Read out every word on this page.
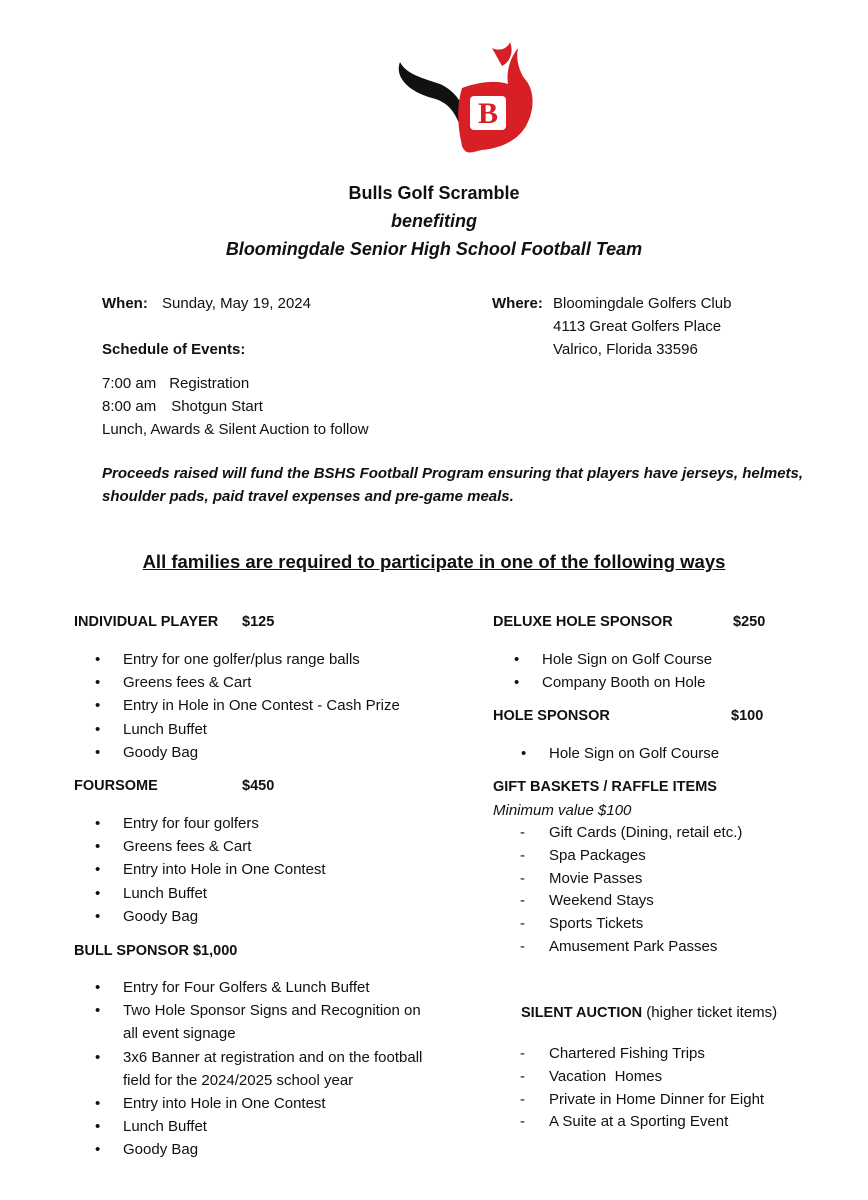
B
Bulls Golf Scramble
benefiting
Bloomingdale Senior High School Football Team
When: Sunday, May 19, 2024	Where: Bloomingdale Golfers Club
4113 Great Golfers Place
Valrico, Florida 33596
Schedule of Events:
7:00 am Registration
8:00 am Shotgun Start
Lunch, Awards & Silent Auction to follow
Proceeds raised will fund the BSHS Football Program ensuring that players have jerseys, helmets, shoulder pads, paid travel expenses and pre-game meals.
All families are required to participate in one of the following ways
INDIVIDUAL PLAYER $125
• Entry for one golfer/plus range balls
• Greens fees & Cart
• Entry in Hole in One Contest - Cash Prize
• Lunch Buffet
• Goody Bag
FOURSOME	$450
• Entry for four golfers
• Greens fees & Cart
• Entry into Hole in One Contest
• Lunch Buffet
• Goody Bag
BULL SPONSOR $1,000
• Entry for Four Golfers & Lunch Buffet
• Two Hole Sponsor Signs and Recognition on all event signage
• 3x6 Banner at registration and on the football field for the 2024/2025 school year
• Entry into Hole in One Contest
• Lunch Buffet
• Goody Bag
DELUXE HOLE SPONSOR	$250
• Hole Sign on Golf Course
• Company Booth on Hole
HOLE SPONSOR	$100
• Hole Sign on Golf Course
GIFT BASKETS / RAFFLE ITEMS
Minimum value $100
- Gift Cards (Dining, retail etc.)
- Spa Packages
- Movie Passes
- Weekend Stays
- Sports Tickets
- Amusement Park Passes
SILENT AUCTION (higher ticket items)
- Chartered Fishing Trips
- Vacation  Homes
- Private in Home Dinner for Eight
- A Suite at a Sporting Event
